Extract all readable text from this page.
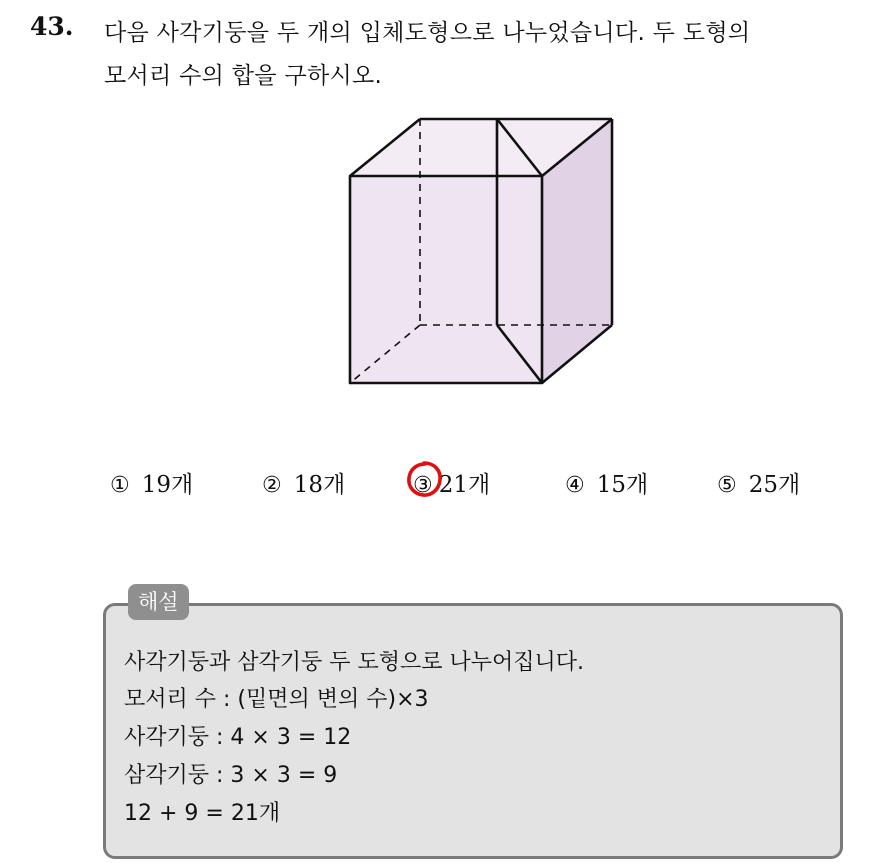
43. 다음 사각기둥을 두 개의 입체도형으로 나누었습니다. 두 도형의
모서리 수의 합을 구하시오.
① 19개	② 18개	③ 21개	④ 15개	⑤ 25개
해설
사각기둥과 삼각기둥 두 도형으로 나누어집니다.
모서리 수 : (밑면의 변의 수)×3
사각기둥 : 4 × 3 = 12
삼각기둥 : 3 × 3 = 9
12 + 9 = 21개
